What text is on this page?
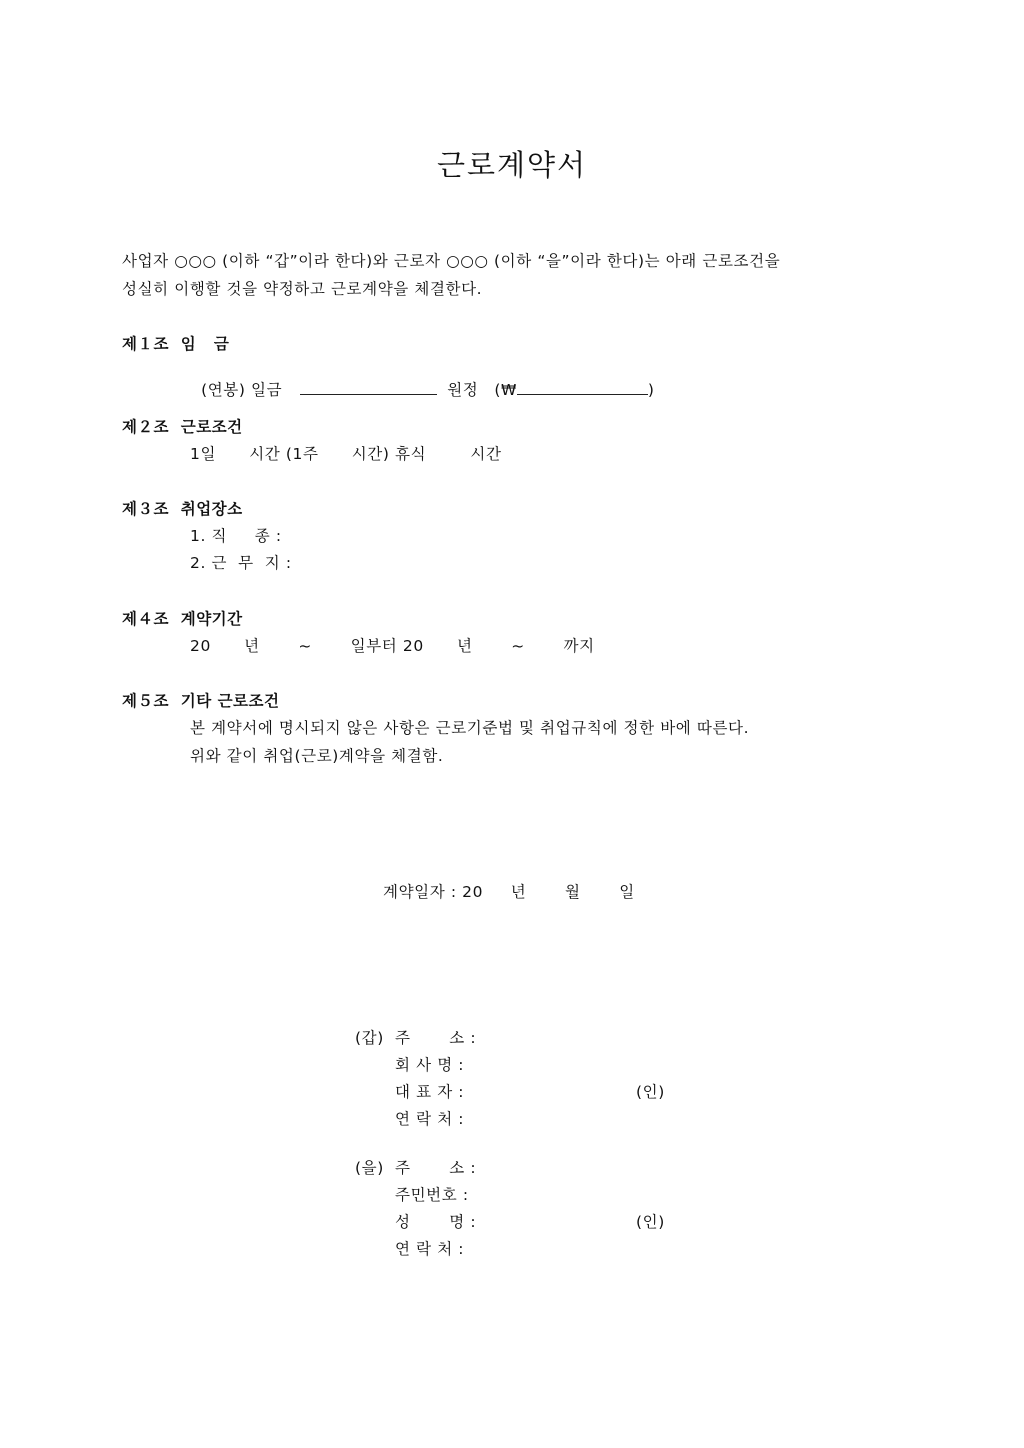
근로계약서
사업자 ○○○ (이하 “갑”이라 한다)와 근로자 ○○○ (이하 “을”이라 한다)는 아래 근로조건을
성실히 이행할 것을 약정하고 근로계약을 체결한다.
제１조  임   금

(연봉) 일금	원정 (₩	)

제２조  근로조건
1일      시간 (1주      시간) 휴식        시간
제３조  취업장소
1. 직     종 :
2. 근  무  지 :
제４조  계약기간
20      년       ~       일부터 20      년       ~       까지
제５조  기타 근로조건
본 계약서에 명시되지 않은 사항은 근로기준법 및 취업규칙에 정한 바에 따른다.
위와 같이 취업(근로)계약을 체결함.
계약일자 : 20     년       월       일
(갑) 주       소 :
회 사 명 :
대 표 자 :	(인)
연 락 처 :
(을) 주       소 :
주민번호 :
성       명 :	(인)
연 락 처 :
